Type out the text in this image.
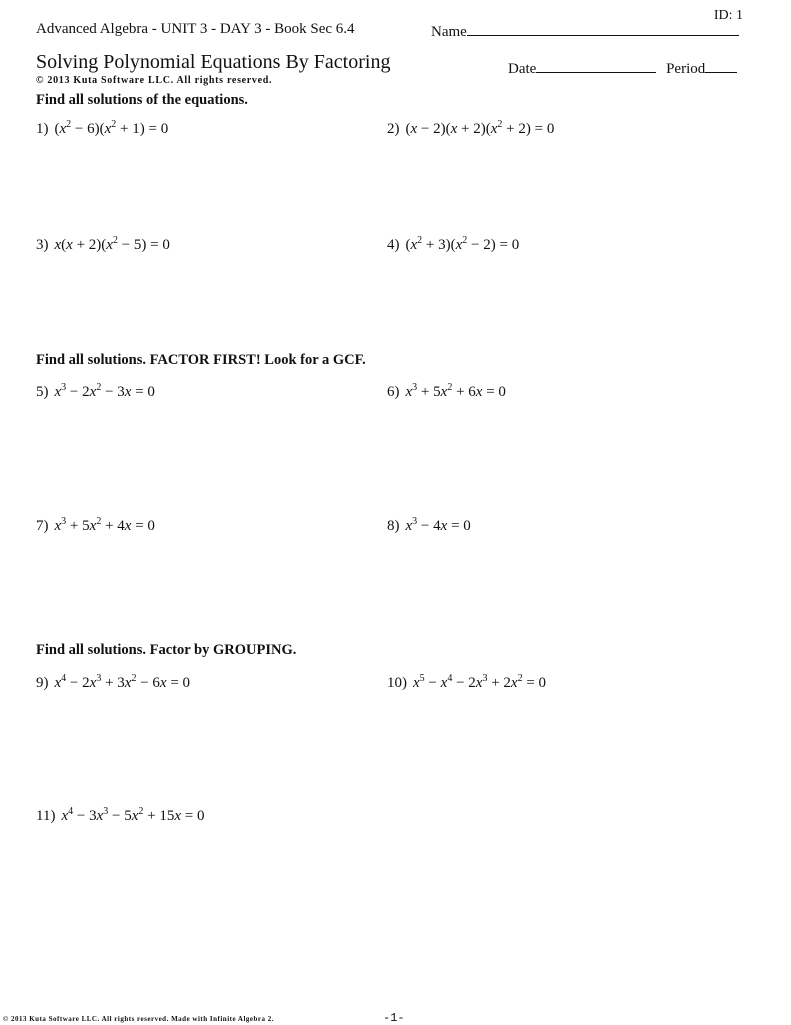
ID: 1
Advanced Algebra - UNIT 3 - DAY 3 - Book Sec 6.4	Name
Solving Polynomial Equations By Factoring	Date	Period
© 2013 Kuta Software LLC. All rights reserved.
Find all solutions of the equations.
Find all solutions. FACTOR FIRST! Look for a GCF.
Find all solutions. Factor by GROUPING.
1) $(x^2 - 6)(x^2 + 1) = 0$	2) $(x - 2)(x + 2)(x^2 + 2) = 0$
3) $x(x + 2)(x^2 - 5) = 0$	4) $(x^2 + 3)(x^2 - 2) = 0$
5) $x^3 - 2x^2 - 3x = 0$	6) $x^3 + 5x^2 + 6x = 0$
7) $x^3 + 5x^2 + 4x = 0$	8) $x^3 - 4x = 0$
9) $x^4 - 2x^3 + 3x^2 - 6x = 0$	10) $x^5 - x^4 - 2x^3 + 2x^2 = 0$
11) $x^4 - 3x^3 - 5x^2 + 15x = 0$
© 2013 Kuta Software LLC. All rights reserved. Made with Infinite Algebra 2.	-1-
